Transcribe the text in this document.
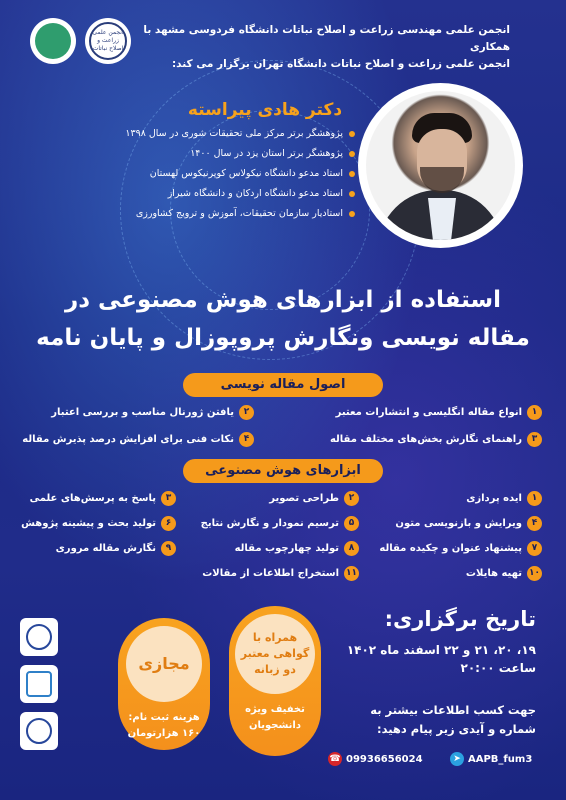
انجمن علمی زراعت و اصلاح نباتات
انجمن علمی مهندسی زراعت و اصلاح نباتات دانشگاه فردوسی مشهد با همکاری
انجمن علمی زراعت و اصلاح نباتات دانشگاه تهران برگزار می کند:
دکتر هادی پیراسته
پژوهشگر برتر مرکز ملی تحقیقات شوری در سال ۱۳۹۸
پژوهشگر برتر استان یزد در سال ۱۴۰۰
استاد مدعو دانشگاه نیکولاس کوپرنیکوس لهستان
استاد مدعو دانشگاه اردکان و دانشگاه شیراز
استادیار سازمان تحقیقات، آموزش و ترویج کشاورزی
استفاده از ابزارهای هوش مصنوعی در
مقاله نویسی ونگارش پروپوزال و پایان نامه
اصول مقاله نویسی
۱
انواع مقاله انگلیسی و انتشارات معتبر
۲
یافتن ژورنال مناسب و بررسی اعتبار
۳
راهنمای نگارش بخش‌های مختلف مقاله
۴
نکات فنی برای افزایش درصد پذیرش مقاله
ابزارهای هوش مصنوعی
۱
ایده پردازی
۲
طراحی تصویر
۳
پاسخ به پرسش‌های علمی
۴
ویرایش و بازنویسی متون
۵
ترسیم نمودار و نگارش نتایج
۶
تولید بحث و پیشینه پژوهش
۷
پیشنهاد عنوان و چکیده مقاله
۸
تولید چهارچوب مقاله
۹
نگارش مقاله مروری
۱۰
تهیه هایلات
۱۱
استخراج اطلاعات از مقالات
تاریخ برگزاری:
۱۹، ۲۰، ۲۱ و ۲۲ اسفند ماه ۱۴۰۲
ساعت ۲۰:۰۰
جهت کسب اطلاعات بیشتر به
شماره و آیدی زیر پیام دهید:
☎ 09936656024	➤ AAPB_fum3
همراه با
گواهی معتبر
دو زبانه
تخفیف ویژه
دانشجویان
مجازی
هزینه ثبت نام:
۱۶۰ هزارتومان
